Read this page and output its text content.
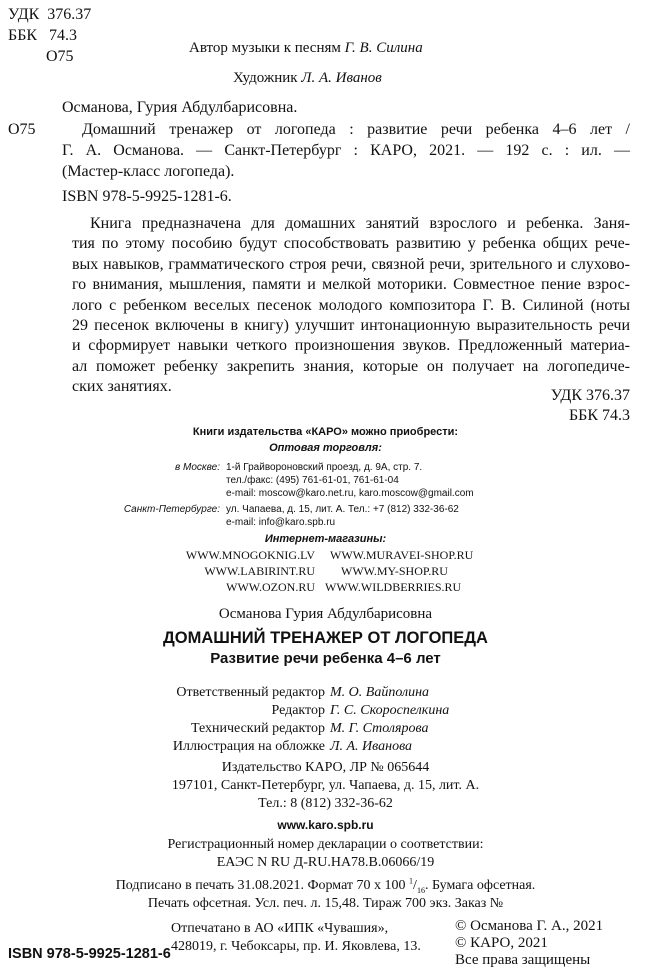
УДК 376.37
ББК 74.3
О75	Автор музыки к песням Г. В. Силина
Художник Л. А. Иванов
Османова, Гурия Абдулбарисовна.
О75	Домашний тренажер от логопеда : развитие речи ребенка 4–6 лет /
Г. А. Османова. — Санкт-Петербург : КАРО, 2021. — 192 с. : ил. —
(Мастер-класс логопеда).
ISBN 978-5-9925-1281-6.
Книга предназначена для домашних занятий взрослого и ребенка. Заня-
тия по этому пособию будут способствовать развитию у ребенка общих рече-
вых навыков, грамматического строя речи, связной речи, зрительного и слухово-
го внимания, мышления, памяти и мелкой моторики. Совместное пение взрос-
лого с ребенком веселых песенок молодого композитора Г. В. Силиной (ноты
29 песенок включены в книгу) улучшит интонационную выразительность речи
и сформирует навыки четкого произношения звуков. Предложенный материа-
ал поможет ребенку закрепить знания, которые он получает на логопедиче-
ских занятиях.
УДК 376.37
ББК 74.3
Книги издательства «КАРО» можно приобрести:
Оптовая торговля:
в Москве: 1-й Грайвороновский проезд, д. 9А, стр. 7.
тел./факс: (495) 761-61-01, 761-61-04
e-mail: moscow@karo.net.ru, karo.moscow@gmail.com
Санкт-Петербурге: ул. Чапаева, д. 15, лит. А. Тел.: +7 (812) 332-36-62
e-mail: info@karo.spb.ru
Интернет-магазины:
WWW.MNOGOKNIG.LV
WWW.LABIRINT.RU
WWW.OZON.RU
WWW.MURAVEI-SHOP.RU
WWW.MY-SHOP.RU
WWW.WILDBERRIES.RU
Османова Гурия Абдулбарисовна
ДОМАШНИЙ ТРЕНАЖЕР ОТ ЛОГОПЕДА
Развитие речи ребенка 4–6 лет
Ответственный редактор М. О. Вайполина
Редактор Г. С. Скороспелкина
Технический редактор М. Г. Столярова
Иллюстрация на обложке Л. А. Иванова
Издательство КАРО, ЛР № 065644
197101, Санкт-Петербург, ул. Чапаева, д. 15, лит. А.
Тел.: 8 (812) 332-36-62
www.karo.spb.ru
Регистрационный номер декларации о соответствии:
ЕАЭС N RU Д-RU.HA78.B.06066/19
Подписано в печать 31.08.2021. Формат 70 х 100 $^1/_{16}$. Бумага офсетная.
Печать офсетная. Усл. печ. л. 15,48. Тираж 700 экз. Заказ №
Отпечатано в АО «ИПК «Чувашия»,
428019, г. Чебоксары, пр. И. Яковлева, 13.
ISBN 978-5-9925-1281-6
© Османова Г. А., 2021
© КАРО, 2021
Все права защищены
